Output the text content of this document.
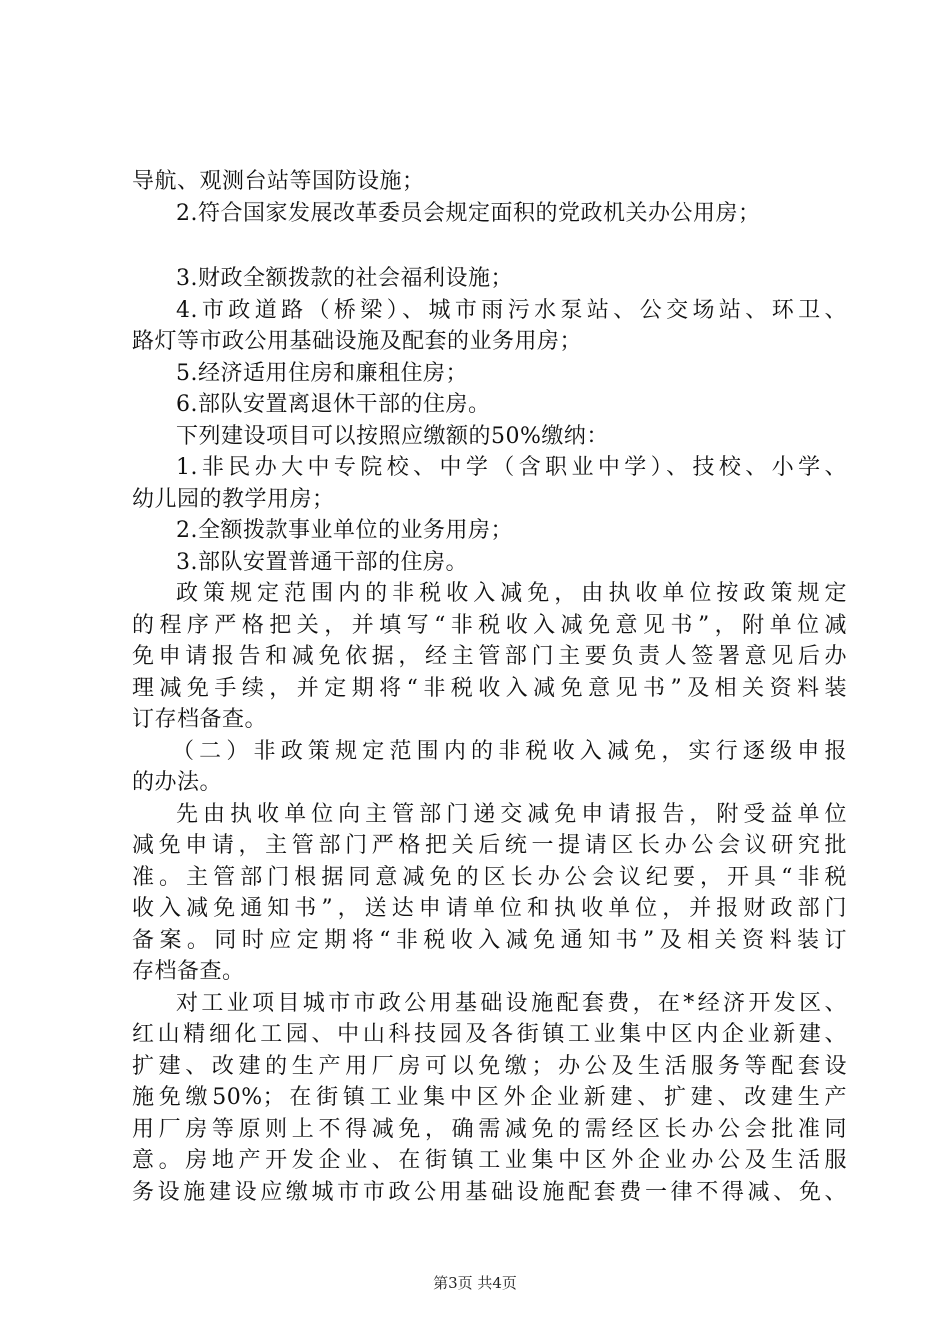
导航、观测台站等国防设施；
2.符合国家发展改革委员会规定面积的党政机关办公用房；
3.财政全额拨款的社会福利设施；
4.市政道路（桥梁）、城市雨污水泵站、公交场站、环卫、
路灯等市政公用基础设施及配套的业务用房；
5.经济适用住房和廉租住房；
6.部队安置离退休干部的住房。
下列建设项目可以按照应缴额的50%缴纳：
1.非民办大中专院校、中学（含职业中学）、技校、小学、
幼儿园的教学用房；
2.全额拨款事业单位的业务用房；
3.部队安置普通干部的住房。
政策规定范围内的非税收入减免，由执收单位按政策规定
的程序严格把关，并填写“非税收入减免意见书”，附单位减
免申请报告和减免依据，经主管部门主要负责人签署意见后办
理减免手续，并定期将“非税收入减免意见书”及相关资料装
订存档备查。
（二）非政策规定范围内的非税收入减免，实行逐级申报
的办法。
先由执收单位向主管部门递交减免申请报告，附受益单位
减免申请，主管部门严格把关后统一提请区长办公会议研究批
准。主管部门根据同意减免的区长办公会议纪要，开具“非税
收入减免通知书”，送达申请单位和执收单位，并报财政部门
备案。同时应定期将“非税收入减免通知书”及相关资料装订
存档备查。
对工业项目城市市政公用基础设施配套费，在*经济开发区、
红山精细化工园、中山科技园及各街镇工业集中区内企业新建、
扩建、改建的生产用厂房可以免缴；办公及生活服务等配套设
施免缴50%；在街镇工业集中区外企业新建、扩建、改建生产
用厂房等原则上不得减免，确需减免的需经区长办公会批准同
意。房地产开发企业、在街镇工业集中区外企业办公及生活服
务设施建设应缴城市市政公用基础设施配套费一律不得减、免、
第3页 共4页
